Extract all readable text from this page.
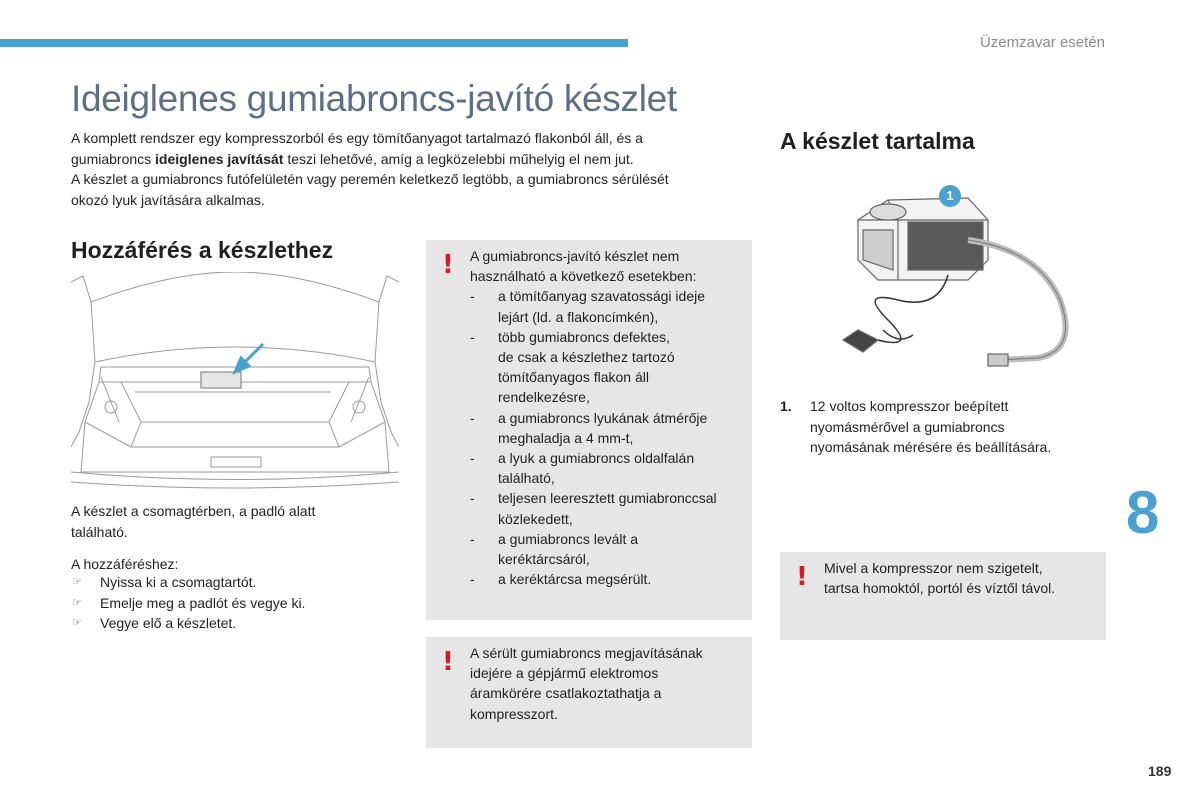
Üzemzavar esetén
Ideiglenes gumiabroncs-javító készlet

A komplett rendszer egy kompresszorból és egy tömítőanyagot tartalmazó flakonból áll, és a

gumiabroncs ideiglenes javítását teszi lehetővé, amíg a legközelebbi műhelyig el nem jut.

A készlet a gumiabroncs futófelületén vagy peremén keletkező legtöbb, a gumiabroncs sérülését

okozó lyuk javítására alkalmas.

Hozzáférés a készlethez

A készlet a csomagtérben, a padló alatt

található.

A hozzáféréshez:
☞ Nyissa ki a csomagtartót.
☞ Emelje meg a padlót és vegye ki.
☞ Vegye elő a készletet.
! A gumiabroncs-javító készlet nem
használható a következő esetekben:
- a tömítőanyag szavatossági ideje
lejárt (ld. a flakoncímkén),
- több gumiabroncs defektes,
de csak a készlethez tartozó
tömítőanyagos flakon áll
rendelkezésre,
- a gumiabroncs lyukának átmérője
meghaladja a 4 mm-t,
- a lyuk a gumiabroncs oldalfalán
található,
- teljesen leeresztett gumiabronccsal
közlekedett,
- a gumiabroncs levált a
keréktárcsáról,
- a keréktárcsa megsérült.
! A sérült gumiabroncs megjavításának
idejére a gépjármű elektromos
áramkörére csatlakoztathatja a
kompresszort.
A készlet tartalma
1
1. 12 voltos kompresszor beépített
nyomásmérővel a gumiabroncs
nyomásának mérésére és beállítására.
! Mivel a kompresszor nem szigetelt,
tartsa homoktól, portól és víztől távol.
8
189
